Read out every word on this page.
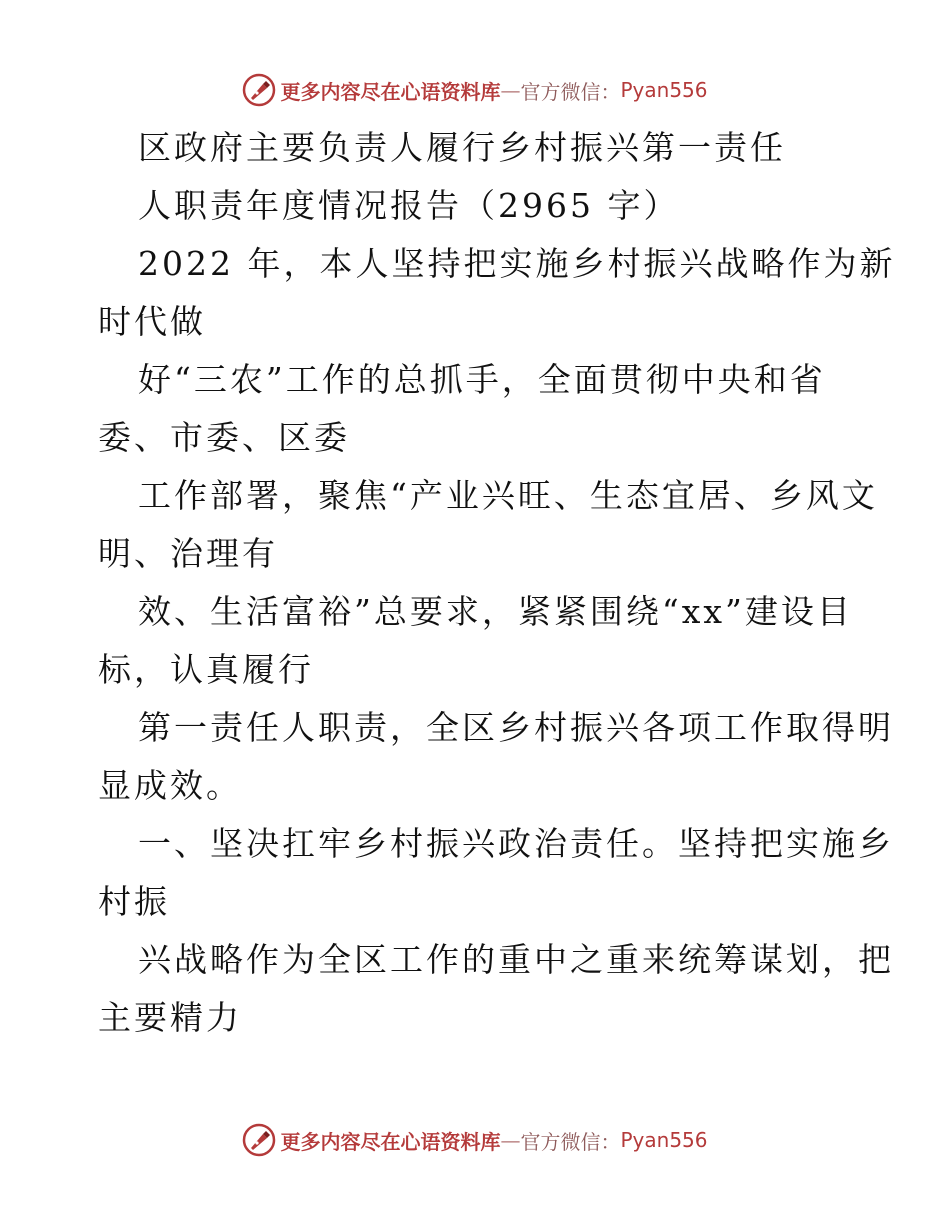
更多内容尽在心语资料库 — 官方微信： Pyan556
区政府主要负责人履行乡村振兴第一责任
人职责年度情况报告（2965 字）
2022 年，本人坚持把实施乡村振兴战略作为新
时代做
好“三农”工作的总抓手，全面贯彻中央和省
委、市委、区委
工作部署，聚焦“产业兴旺、生态宜居、乡风文
明、治理有
效、生活富裕”总要求，紧紧围绕“xx”建设目
标，认真履行
第一责任人职责，全区乡村振兴各项工作取得明
显成效。
一、坚决扛牢乡村振兴政治责任。坚持把实施乡
村振
兴战略作为全区工作的重中之重来统筹谋划，把
主要精力
更多内容尽在心语资料库 — 官方微信： Pyan556
